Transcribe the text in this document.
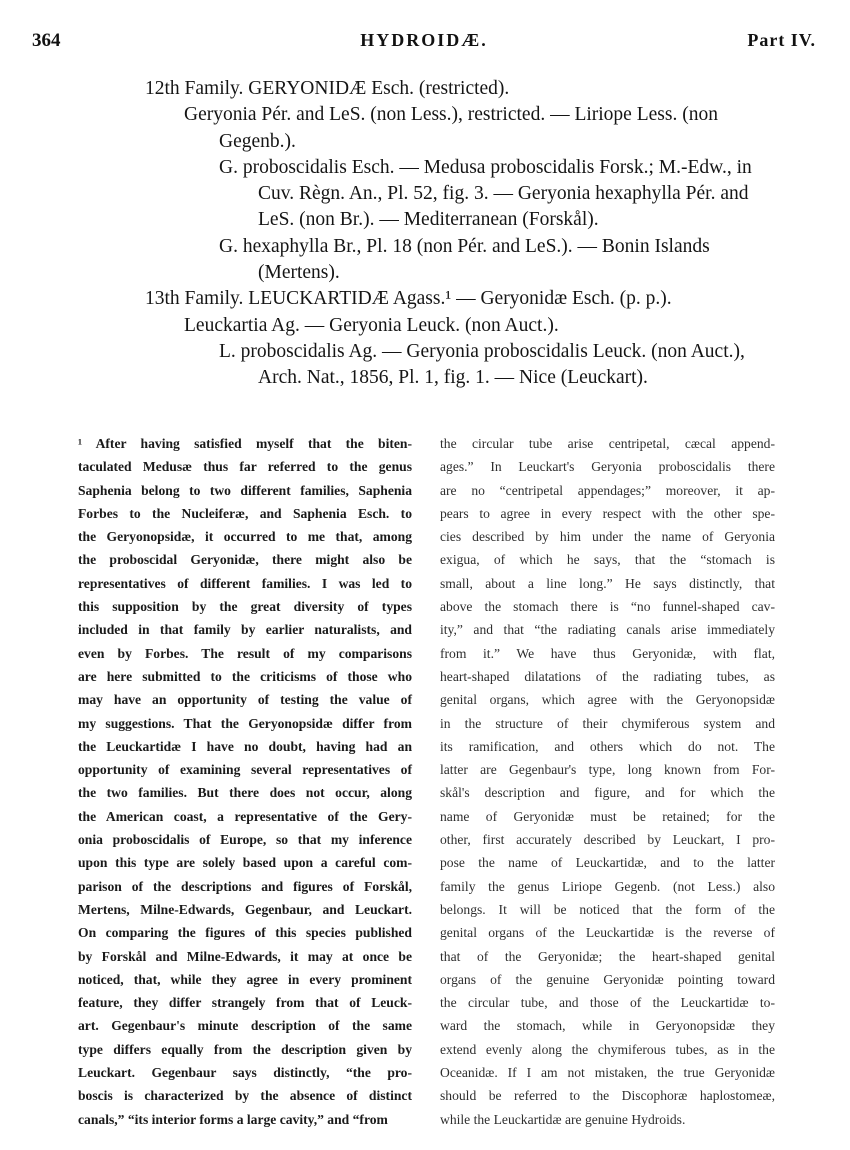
364	HYDROIDÆ.	Part IV.
12th Family. GERYONIDÆ Esch. (restricted).
Geryonia Pér. and LeS. (non Less.), restricted. — Liriope Less. (non
Gegenb.).
G. proboscidalis Esch. — Medusa proboscidalis Forsk.; M.-Edw., in
Cuv. Règn. An., Pl. 52, fig. 3. — Geryonia hexaphylla Pér. and
LeS. (non Br.). — Mediterranean (Forskål).
G. hexaphylla Br., Pl. 18 (non Pér. and LeS.). — Bonin Islands
(Mertens).
13th Family. LEUCKARTIDÆ Agass.¹ — Geryonidæ Esch. (p. p.).
Leuckartia Ag. — Geryonia Leuck. (non Auct.).
L. proboscidalis Ag. — Geryonia proboscidalis Leuck. (non Auct.),
Arch. Nat., 1856, Pl. 1, fig. 1. — Nice (Leuckart).
¹ After having satisfied myself that the biten-
taculated Medusæ thus far referred to the genus
Saphenia belong to two different families, Saphenia
Forbes to the Nucleiferæ, and Saphenia Esch. to
the Geryonopsidæ, it occurred to me that, among
the proboscidal Geryonidæ, there might also be
representatives of different families. I was led to
this supposition by the great diversity of types
included in that family by earlier naturalists, and
even by Forbes. The result of my comparisons
are here submitted to the criticisms of those who
may have an opportunity of testing the value of
my suggestions. That the Geryonopsidæ differ from
the Leuckartidæ I have no doubt, having had an
opportunity of examining several representatives of
the two families. But there does not occur, along
the American coast, a representative of the Gery-
onia proboscidalis of Europe, so that my inference
upon this type are solely based upon a careful com-
parison of the descriptions and figures of Forskål,
Mertens, Milne-Edwards, Gegenbaur, and Leuckart.
On comparing the figures of this species published
by Forskål and Milne-Edwards, it may at once be
noticed, that, while they agree in every prominent
feature, they differ strangely from that of Leuck-
art. Gegenbaur's minute description of the same
type differs equally from the description given by
Leuckart. Gegenbaur says distinctly, “the pro-
boscis is characterized by the absence of distinct
canals,” “its interior forms a large cavity,” and “from
the circular tube arise centripetal, cæcal append-
ages.” In Leuckart's Geryonia proboscidalis there
are no “centripetal appendages;” moreover, it ap-
pears to agree in every respect with the other spe-
cies described by him under the name of Geryonia
exigua, of which he says, that the “stomach is
small, about a line long.” He says distinctly, that
above the stomach there is “no funnel-shaped cav-
ity,” and that “the radiating canals arise immediately
from it.” We have thus Geryonidæ, with flat,
heart-shaped dilatations of the radiating tubes, as
genital organs, which agree with the Geryonopsidæ
in the structure of their chymiferous system and
its ramification, and others which do not. The
latter are Gegenbaur's type, long known from For-
skål's description and figure, and for which the
name of Geryonidæ must be retained; for the
other, first accurately described by Leuckart, I pro-
pose the name of Leuckartidæ, and to the latter
family the genus Liriope Gegenb. (not Less.) also
belongs. It will be noticed that the form of the
genital organs of the Leuckartidæ is the reverse of
that of the Geryonidæ; the heart-shaped genital
organs of the genuine Geryonidæ pointing toward
the circular tube, and those of the Leuckartidæ to-
ward the stomach, while in Geryonopsidæ they
extend evenly along the chymiferous tubes, as in the
Oceanidæ. If I am not mistaken, the true Geryonidæ
should be referred to the Discophoræ haplostomeæ,
while the Leuckartidæ are genuine Hydroids.
